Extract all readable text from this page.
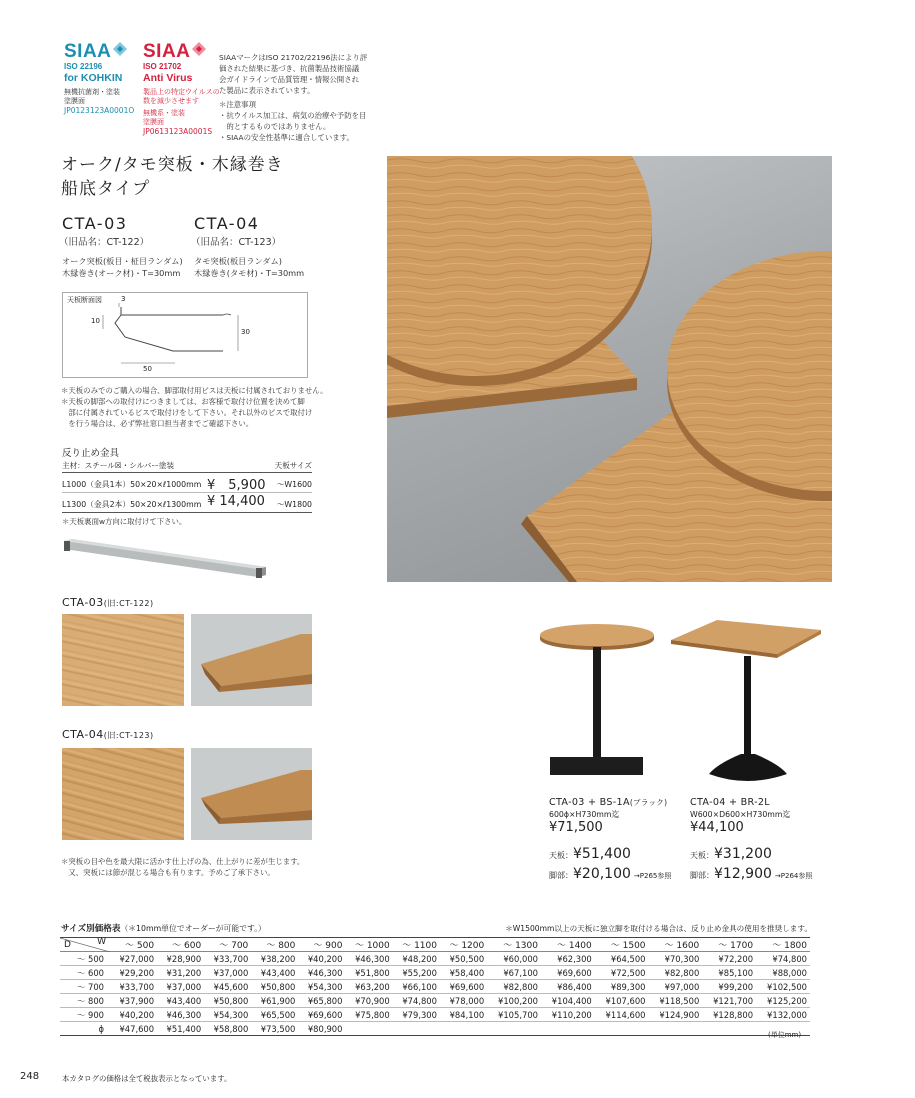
SIAA
ISO 22196
for KOHKIN
無機抗菌剤・塗装
塗膜面
JP0123123A0001O
SIAA
ISO 21702
Anti Virus
製品上の特定ウイルスの
数を減少させます
無機系・塗装
塗膜面
JP0613123A0001S
SIAAマークはISO 21702/22196法により評
価された結果に基づき、抗菌製品技術協議
会ガイドラインで品質管理・情報公開され
た製品に表示されています。
＊注意事項
・抗ウイルス加工は、病気の治療や予防を目
　的とするものではありません。
・SIAAの安全性基準に適合しています。
オーク/タモ突板・木縁巻き
船底タイプ
CTA-03
（旧品名：CT-122）
オーク突板(板目・柾目ランダム)
木縁巻き(オーク材)・T=30mm
CTA-04
（旧品名：CT-123）
タモ突板(板目ランダム)
木縁巻き(タモ材)・T=30mm
天板断面図	3
10
30
50
＊天板のみでのご購入の場合、脚部取付用ビスは天板に付属されておりません。
＊天板の脚部への取付けにつきましては、お客様で取付け位置を決めて脚
　部に付属されているビスで取付けをして下さい。それ以外のビスで取付け
　を行う場合は、必ず弊社窓口担当者までご確認下さい。
反り止め金具
主材：スチール☒・シルバー塗装	天板サイズ
L1000（金具1本）50×20×ℓ1000mm ¥　5,900 〜W1600
L1300（金具2本）50×20×ℓ1300mm ¥ 14,400 〜W1800
＊天板裏面w方向に取付けて下さい。
CTA-03(旧:CT-122)
CTA-04(旧:CT-123)
＊突板の目や色を最大限に活かす仕上げの為、仕上がりに差が生じます。
　又、突板には節が混じる場合も有ります。予めご了承下さい。
CTA-03 + BS-1A(ブラック)
600ϕ×H730mm迄
¥71,500
天板：¥51,400
脚部：¥20,100 →P265参照
CTA-04 + BR-2L
W600×D600×H730mm迄
¥44,100
天板：¥31,200
脚部：¥12,900 →P264参照
サイズ別価格表（＊10mm単位でオーダーが可能です。）	＊W1500mm以上の天板に独立脚を取付ける場合は、反り止め金具の使用を推奨します。
D W	〜 500	〜 600	〜 700	〜 800	〜 900	〜 1000	〜 1100	〜 1200	〜 1300	〜 1400	〜 1500	〜 1600	〜 1700	〜 1800
〜 500	¥27,000	¥28,900	¥33,700	¥38,200	¥40,200	¥46,300	¥48,200	¥50,500	¥60,000	¥62,300	¥64,500	¥70,300	¥72,200	¥74,800
〜 600	¥29,200	¥31,200	¥37,000	¥43,400	¥46,300	¥51,800	¥55,200	¥58,400	¥67,100	¥69,600	¥72,500	¥82,800	¥85,100	¥88,000
〜 700	¥33,700	¥37,000	¥45,600	¥50,800	¥54,300	¥63,200	¥66,100	¥69,600	¥82,800	¥86,400	¥89,300	¥97,000	¥99,200	¥102,500
〜 800	¥37,900	¥43,400	¥50,800	¥61,900	¥65,800	¥70,900	¥74,800	¥78,000	¥100,200	¥104,400	¥107,600	¥118,500	¥121,700	¥125,200
〜 900	¥40,200	¥46,300	¥54,300	¥65,500	¥69,600	¥75,800	¥79,300	¥84,100	¥105,700	¥110,200	¥114,600	¥124,900	¥128,800	¥132,000
ϕ	¥47,600	¥51,400	¥58,800	¥73,500	¥80,900									
(単位mm)
248	本カタログの価格は全て税抜表示となっています。
